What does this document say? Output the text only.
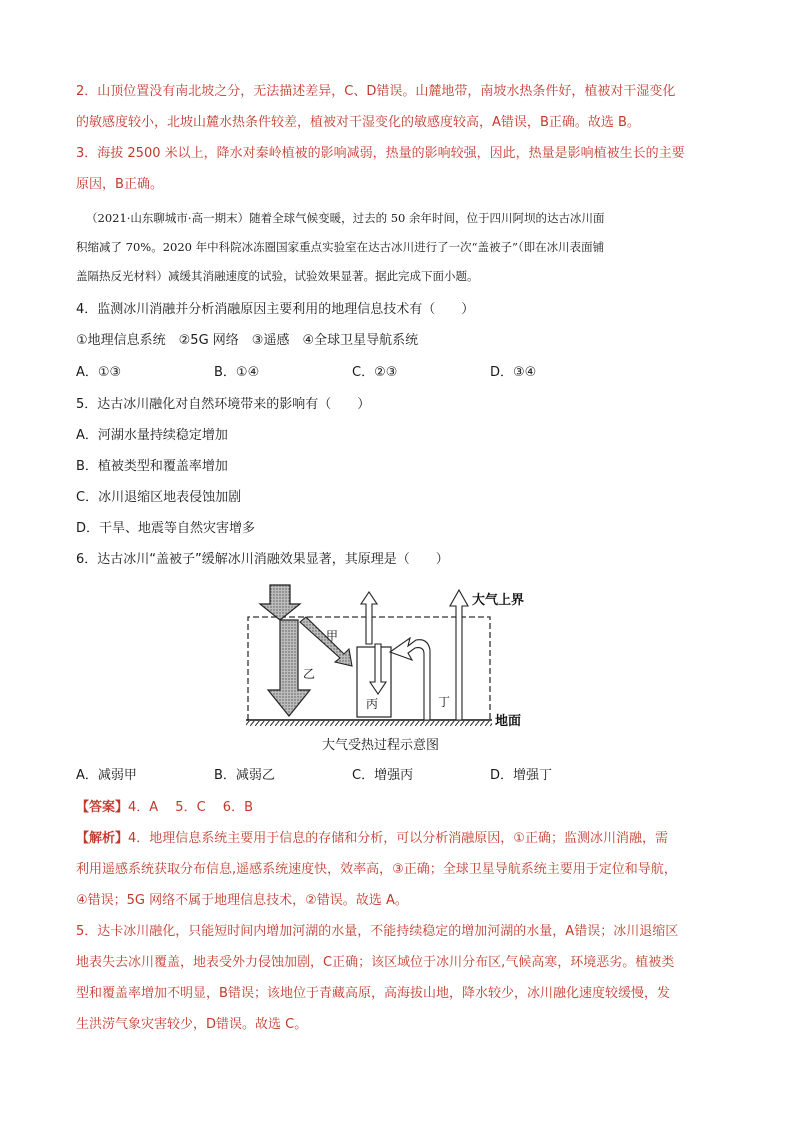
2．山顶位置没有南北坡之分，无法描述差异，C、D错误。山麓地带，南坡水热条件好，植被对干湿变化
的敏感度较小，北坡山麓水热条件较差，植被对干湿变化的敏感度较高，A错误，B正确。故选 B。
3．海拔 2500 米以上，降水对秦岭植被的影响减弱，热量的影响较强，因此，热量是影响植被生长的主要
原因，B正确。
（2021·山东聊城市·高一期末）随着全球气候变暖，过去的 50 余年时间，位于四川阿坝的达古冰川面
积缩减了 70%。2020 年中科院冰冻圈国家重点实验室在达古冰川进行了一次“盖被子”（即在冰川表面铺
盖隔热反光材料）减缓其消融速度的试验，试验效果显著。据此完成下面小题。
4．监测冰川消融并分析消融原因主要利用的地理信息技术有（　　）
①地理信息系统　②5G 网络　③遥感　④全球卫星导航系统
A．①③	B．①④	C．②③	D．③④
5．达古冰川融化对自然环境带来的影响有（　　）
A．河湖水量持续稳定增加
B．植被类型和覆盖率增加
C．冰川退缩区地表侵蚀加剧
D．干旱、地震等自然灾害增多
6．达古冰川“盖被子”缓解冰川消融效果显著，其原理是（　　）
大气上界
地面
甲
乙
丙	丁
大气受热过程示意图
A．减弱甲	B．减弱乙	C．增强丙	D．增强丁
【答案】4．A　 5．C　 6．B
【解析】4．地理信息系统主要用于信息的存储和分析，可以分析消融原因，①正确；监测冰川消融，需
利用遥感系统获取分布信息,遥感系统速度快，效率高，③正确；全球卫星导航系统主要用于定位和导航，
④错误；5G 网络不属于地理信息技术，②错误。故选 A。
5．达卡冰川融化，只能短时间内增加河湖的水量，不能持续稳定的增加河湖的水量，A错误；冰川退缩区
地表失去冰川覆盖，地表受外力侵蚀加剧，C正确；该区域位于冰川分布区,气候高寒，环境恶劣。植被类
型和覆盖率增加不明显，B错误；该地位于青藏高原，高海拔山地，降水较少，冰川融化速度较缓慢，发
生洪涝气象灾害较少，D错误。故选 C。
